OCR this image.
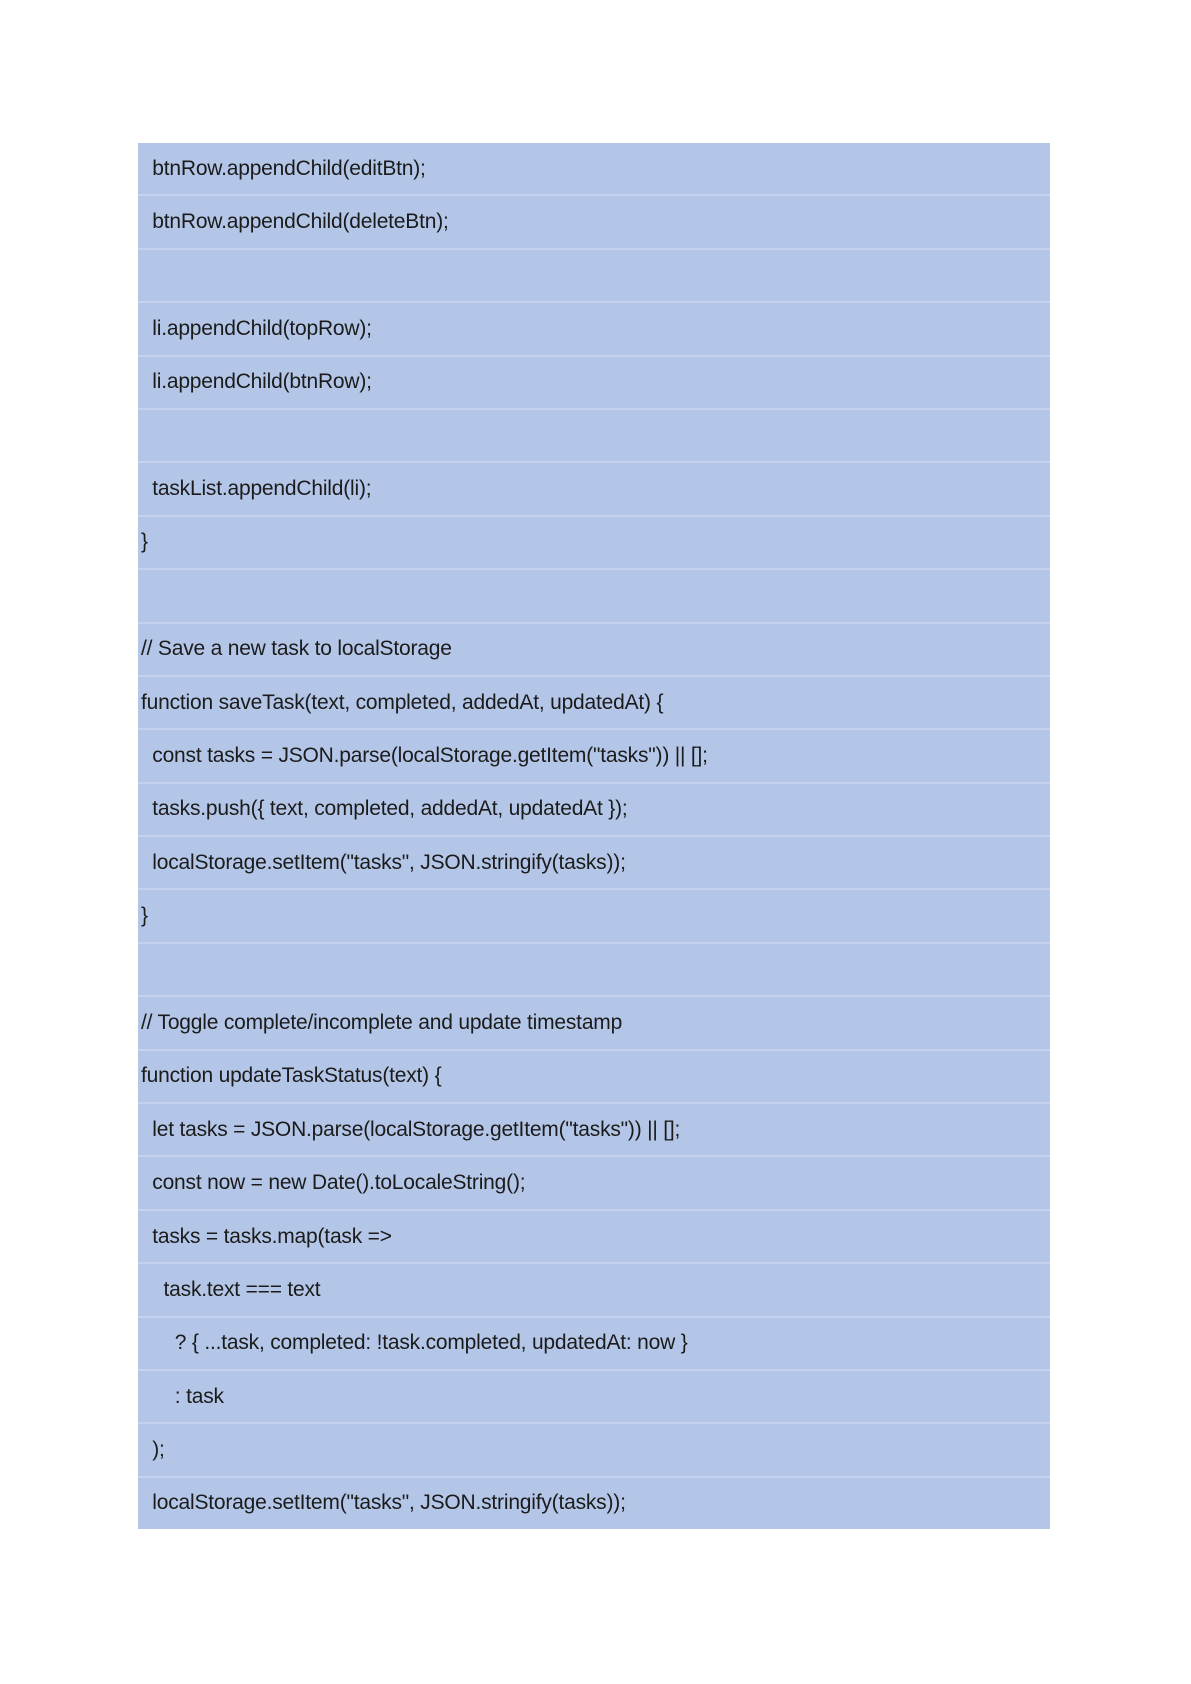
btnRow.appendChild(editBtn);
btnRow.appendChild(deleteBtn);
li.appendChild(topRow);
li.appendChild(btnRow);
taskList.appendChild(li);
}
// Save a new task to localStorage
function saveTask(text, completed, addedAt, updatedAt) {
const tasks = JSON.parse(localStorage.getItem("tasks")) || [];
tasks.push({ text, completed, addedAt, updatedAt });
localStorage.setItem("tasks", JSON.stringify(tasks));
}
// Toggle complete/incomplete and update timestamp
function updateTaskStatus(text) {
let tasks = JSON.parse(localStorage.getItem("tasks")) || [];
const now = new Date().toLocaleString();
tasks = tasks.map(task =>
task.text === text
? { ...task, completed: !task.completed, updatedAt: now }
: task
);
localStorage.setItem("tasks", JSON.stringify(tasks));
